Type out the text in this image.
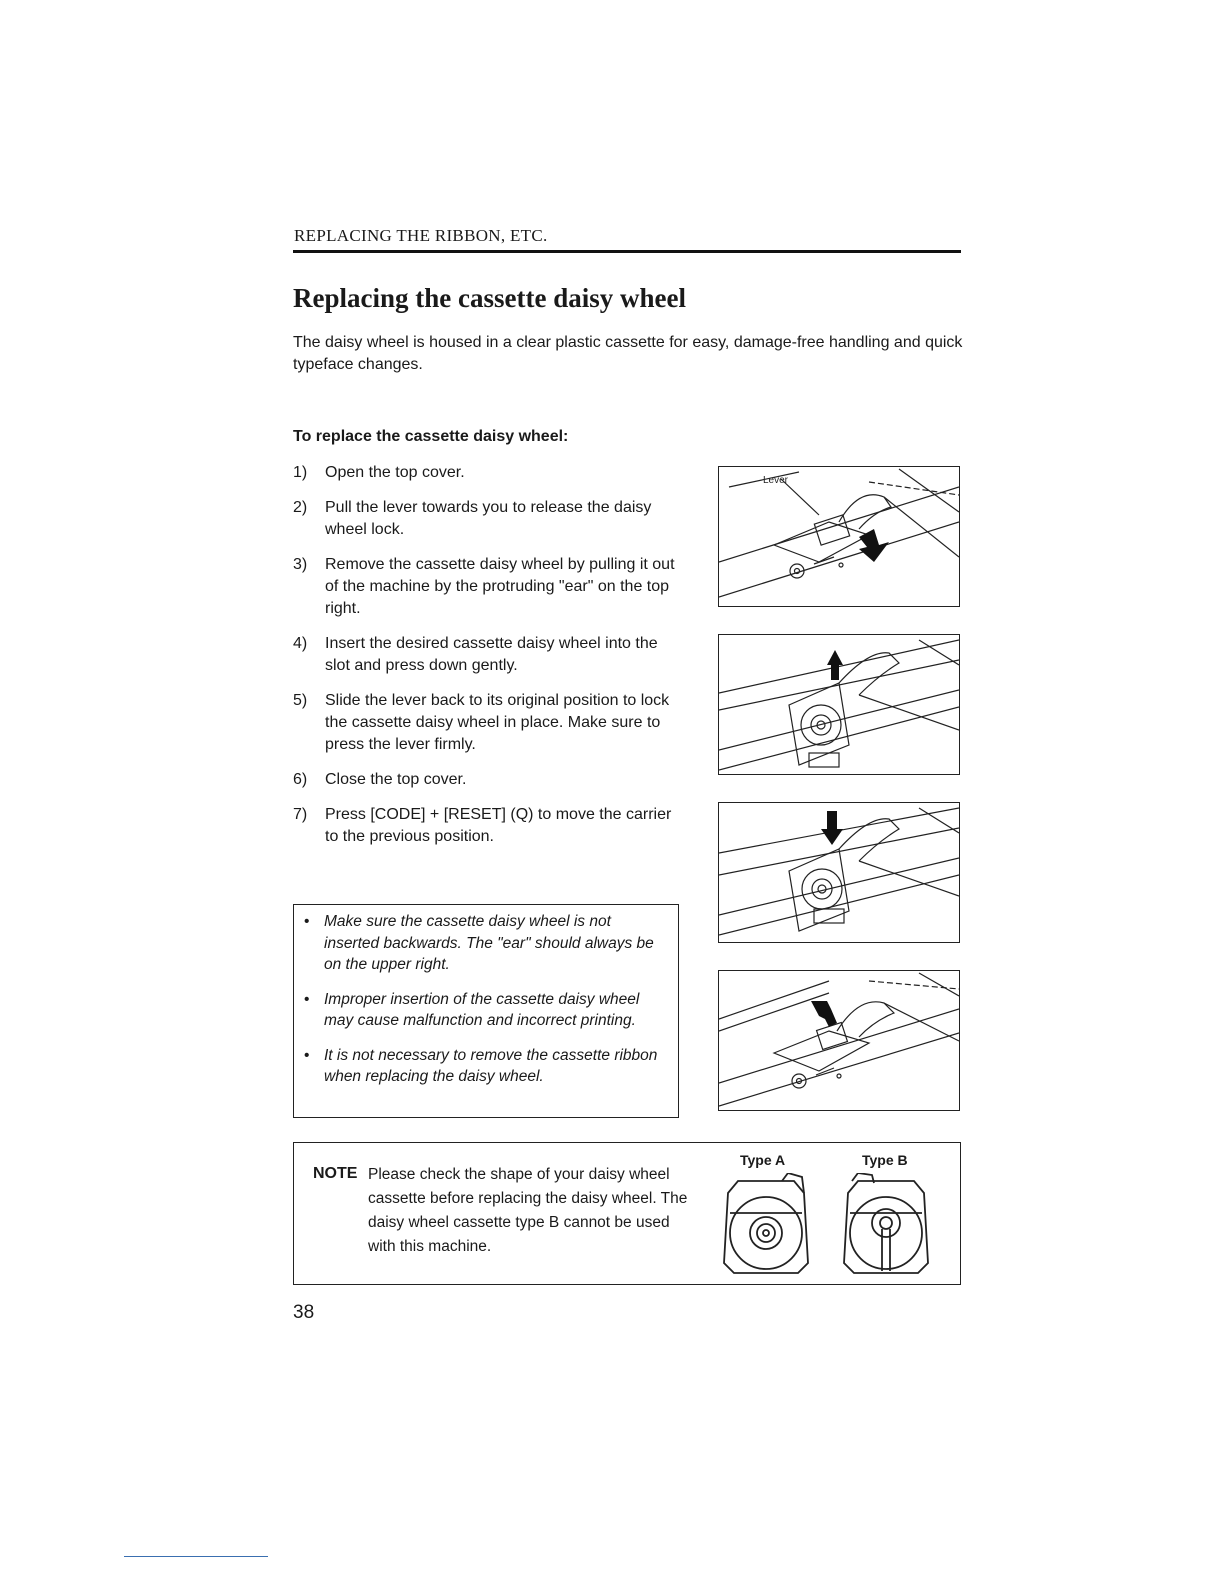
REPLACING THE RIBBON, ETC.
Replacing the cassette daisy wheel
The daisy wheel is housed in a clear plastic cassette for easy, damage-free handling and quick typeface changes.
To replace the cassette daisy wheel:
1)	Open the top cover.
2)	Pull the lever towards you to release the daisy wheel lock.
3)	Remove the cassette daisy wheel by pulling it out of the machine by the protruding "ear" on the top right.
4)	Insert the desired cassette daisy wheel into the slot and press down gently.
5)	Slide the lever back to its original position to lock the cassette daisy wheel in place. Make sure to press the lever firmly.
6)	Close the top cover.
7)	Press [CODE] + [RESET] (Q) to move the carrier to the previous position.
• Make sure the cassette daisy wheel is not inserted backwards. The "ear" should always be on the upper right.
• Improper insertion of the cassette daisy wheel may cause malfunction and incorrect printing.
• It is not necessary to remove the cassette ribbon when replacing the daisy wheel.
Lever
NOTE Please check the shape of your daisy wheel cassette before replacing the daisy wheel. The daisy wheel cassette type B cannot be used with this machine.
Type A	Type B
38
